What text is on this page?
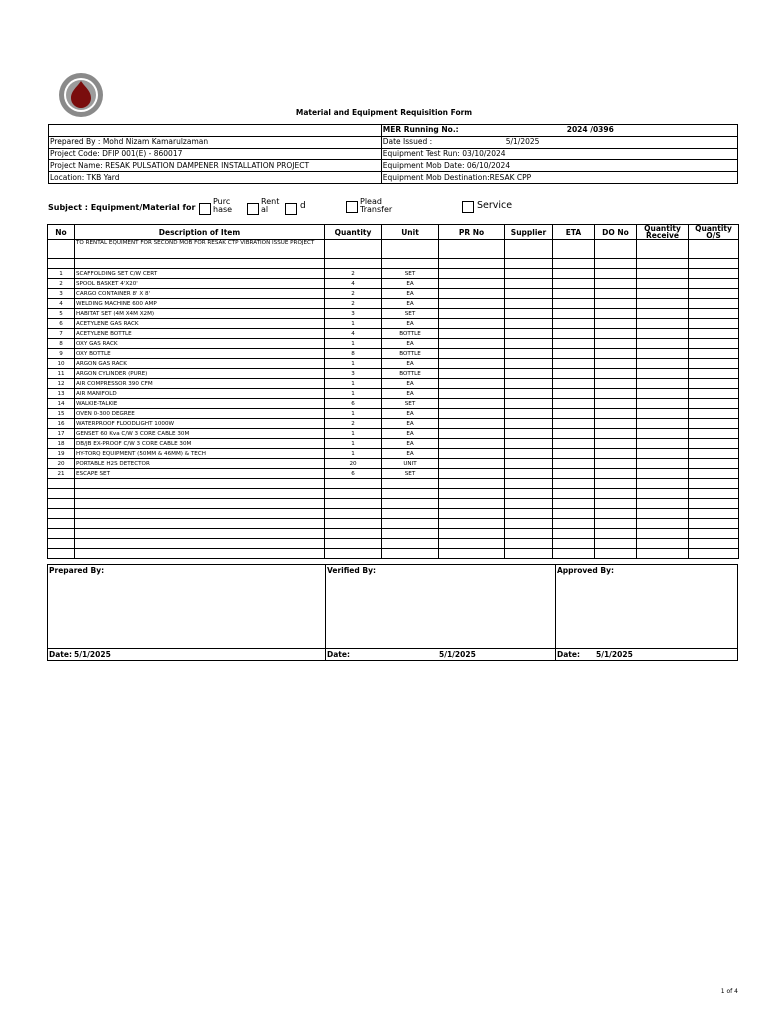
Material and Equipment Requisition Form
	MER Running No.: 2024 /0396

Prepared By : Mohd Nizam Kamarulzaman	Date Issued : 5/1/2025

Project Code: DFIP 001(E) - 860017	Equipment Test Run: 03/10/2024
Project Name: RESAK PULSATION DAMPENER INSTALLATION PROJECT	Equipment Mob Date: 06/10/2024
Location: TKB Yard	Equipment Mob Destination:RESAK CPP
Subject : Equipment/Material for
Purc hase
Rent al	d	Plead Transfer	Service
No	Description of Item	Quantity	Unit	PR No	Supplier	ETA	DO No	Quantity Receive	Quantity O/S
	TO RENTAL EQUIMENT FOR SECOND MOB FOR RESAK CTP VIBRATION ISSUE PROJECT								

1	SCAFFOLDING SET C/W CERT	2	SET						
2	SPOOL BASKET 4'X20'	4	EA						
3	CARGO CONTAINER 8' X 8'	2	EA						
4	WELDING MACHINE 600 AMP	2	EA						
5	HABITAT SET (4M X4M X2M)	3	SET						
6	ACETYLENE GAS RACK	1	EA						
7	ACETYLENE BOTTLE	4	BOTTLE						
8	OXY GAS RACK	1	EA						
9	OXY BOTTLE	8	BOTTLE						
10	ARGON GAS RACK	1	EA						
11	ARGON CYLINDER (PURE)	3	BOTTLE						
12	AIR COMPRESSOR 390 CFM	1	EA						
13	AIR MANIFOLD	1	EA						
14	WALKIE-TALKIE	6	SET						
15	OVEN 0-300 DEGREE	1	EA						
16	WATERPROOF FLOODLIGHT 1000W	2	EA						
17	GENSET 60 Kva C/W 3 CORE CABLE 30M	1	EA						
18	DB/JB EX-PROOF C/W 3 CORE CABLE 30M	1	EA						
19	HY-TORQ EQUIPMENT (50MM & 46MM) & TECH	1	EA						
20	PORTABLE H2S DETECTOR	20	UNIT						
21	ESCAPE SET	6	SET						

Prepared By:
Date: 5/1/2025
Verified By:
Date:	5/1/2025
Approved By:
Date: 5/1/2025
1 of 4
